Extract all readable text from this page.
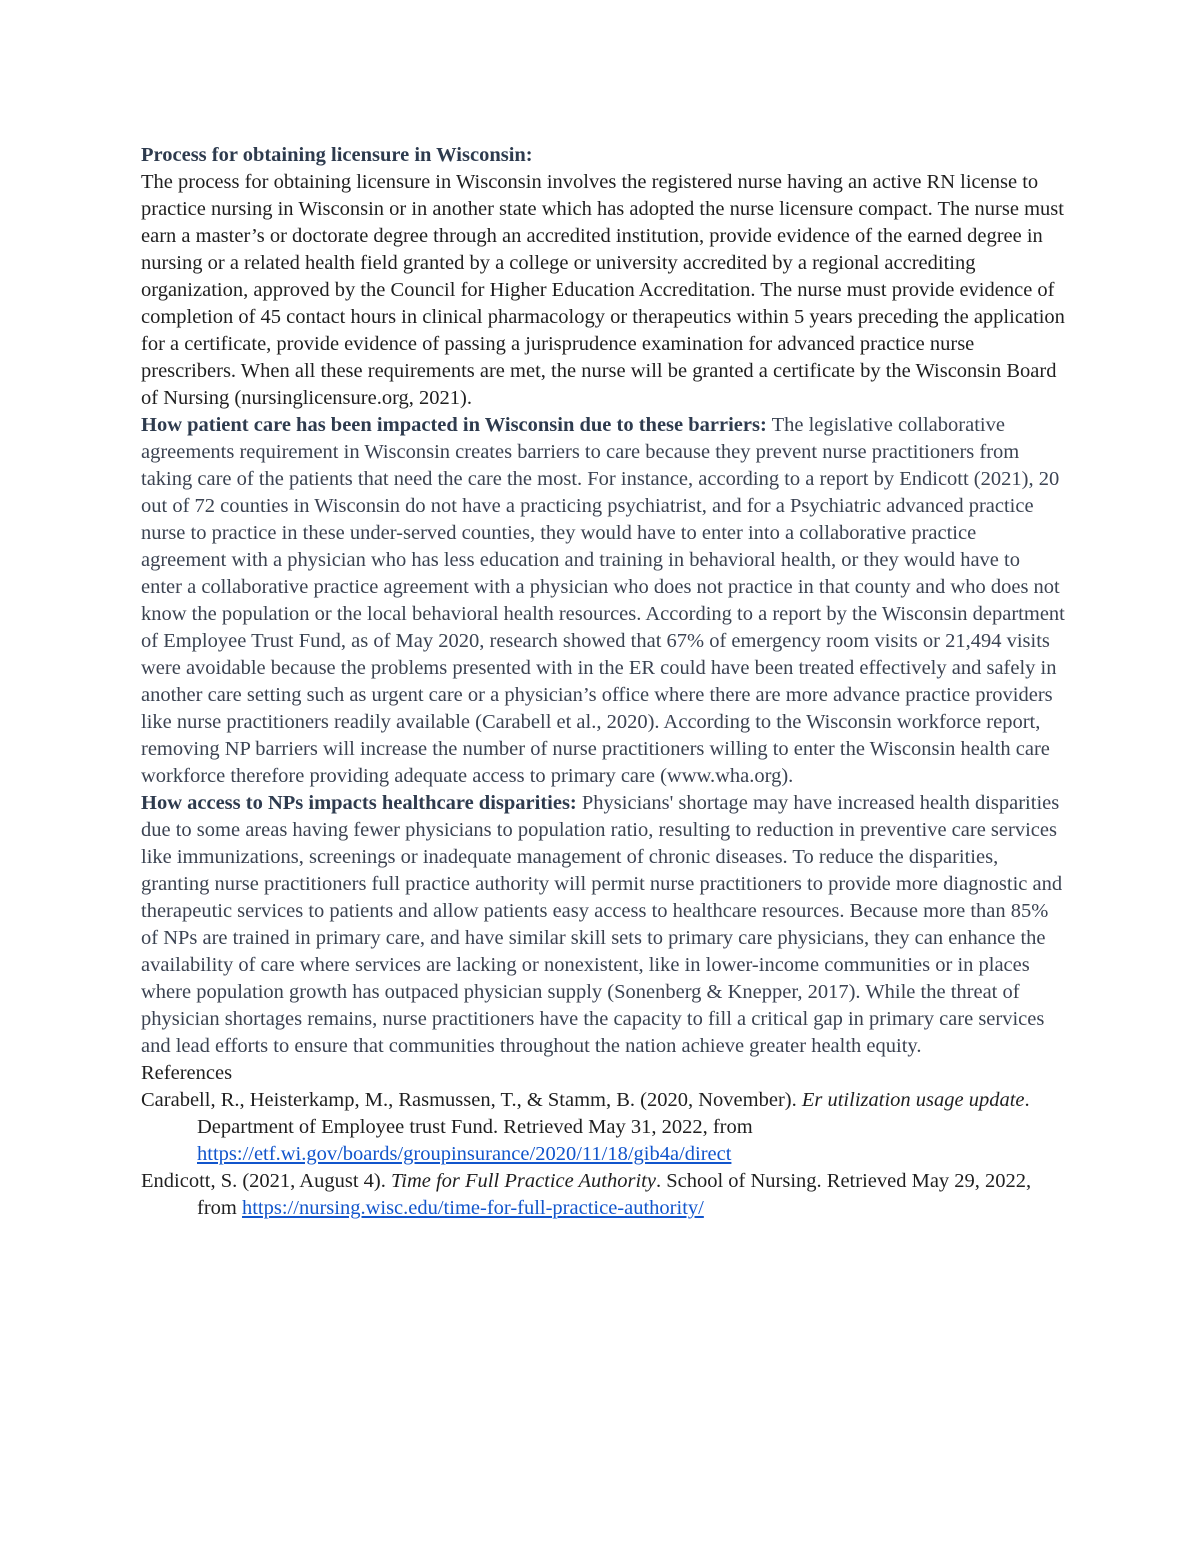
Process for obtaining licensure in Wisconsin:
The process for obtaining licensure in Wisconsin involves the registered nurse having an active RN license to practice nursing in Wisconsin or in another state which has adopted the nurse licensure compact. The nurse must earn a master’s or doctorate degree through an accredited institution, provide evidence of the earned degree in nursing or a related health field granted by a college or university accredited by a regional accrediting organization, approved by the Council for Higher Education Accreditation. The nurse must provide evidence of completion of 45 contact hours in clinical pharmacology or therapeutics within 5 years preceding the application for a certificate, provide evidence of passing a jurisprudence examination for advanced practice nurse prescribers. When all these requirements are met, the nurse will be granted a certificate by the Wisconsin Board of Nursing (nursinglicensure.org, 2021).

How patient care has been impacted in Wisconsin due to these barriers: The legislative collaborative agreements requirement in Wisconsin creates barriers to care because they prevent nurse practitioners from taking care of the patients that need the care the most. For instance, according to a report by Endicott (2021), 20 out of 72 counties in Wisconsin do not have a practicing psychiatrist, and for a Psychiatric advanced practice nurse to practice in these under-served counties, they would have to enter into a collaborative practice agreement with a physician who has less education and training in behavioral health, or they would have to enter a collaborative practice agreement with a physician who does not practice in that county and who does not know the population or the local behavioral health resources. According to a report by the Wisconsin department of Employee Trust Fund, as of May 2020, research showed that 67% of emergency room visits or 21,494 visits were avoidable because the problems presented with in the ER could have been treated effectively and safely in another care setting such as urgent care or a physician’s office where there are more advance practice providers like nurse practitioners readily available (Carabell et al., 2020). According to the Wisconsin workforce report, removing NP barriers will increase the number of nurse practitioners willing to enter the Wisconsin health care workforce therefore providing adequate access to primary care (www.wha.org).

How access to NPs impacts healthcare disparities: Physicians' shortage may have increased health disparities due to some areas having fewer physicians to population ratio, resulting to reduction in preventive care services like immunizations, screenings or inadequate management of chronic diseases. To reduce the disparities, granting nurse practitioners full practice authority will permit nurse practitioners to provide more diagnostic and therapeutic services to patients and allow patients easy access to healthcare resources. Because more than 85% of NPs are trained in primary care, and have similar skill sets to primary care physicians, they can enhance the availability of care where services are lacking or nonexistent, like in lower-income communities or in places where population growth has outpaced physician supply (Sonenberg & Knepper, 2017). While the threat of physician shortages remains, nurse practitioners have the capacity to fill a critical gap in primary care services and lead efforts to ensure that communities throughout the nation achieve greater health equity.

References

Carabell, R., Heisterkamp, M., Rasmussen, T., & Stamm, B. (2020, November). Er utilization usage update. Department of Employee trust Fund. Retrieved May 31, 2022, from https://etf.wi.gov/boards/groupinsurance/2020/11/18/gib4a/direct

Endicott, S. (2021, August 4). Time for Full Practice Authority. School of Nursing. Retrieved May 29, 2022, from https://nursing.wisc.edu/time-for-full-practice-authority/
